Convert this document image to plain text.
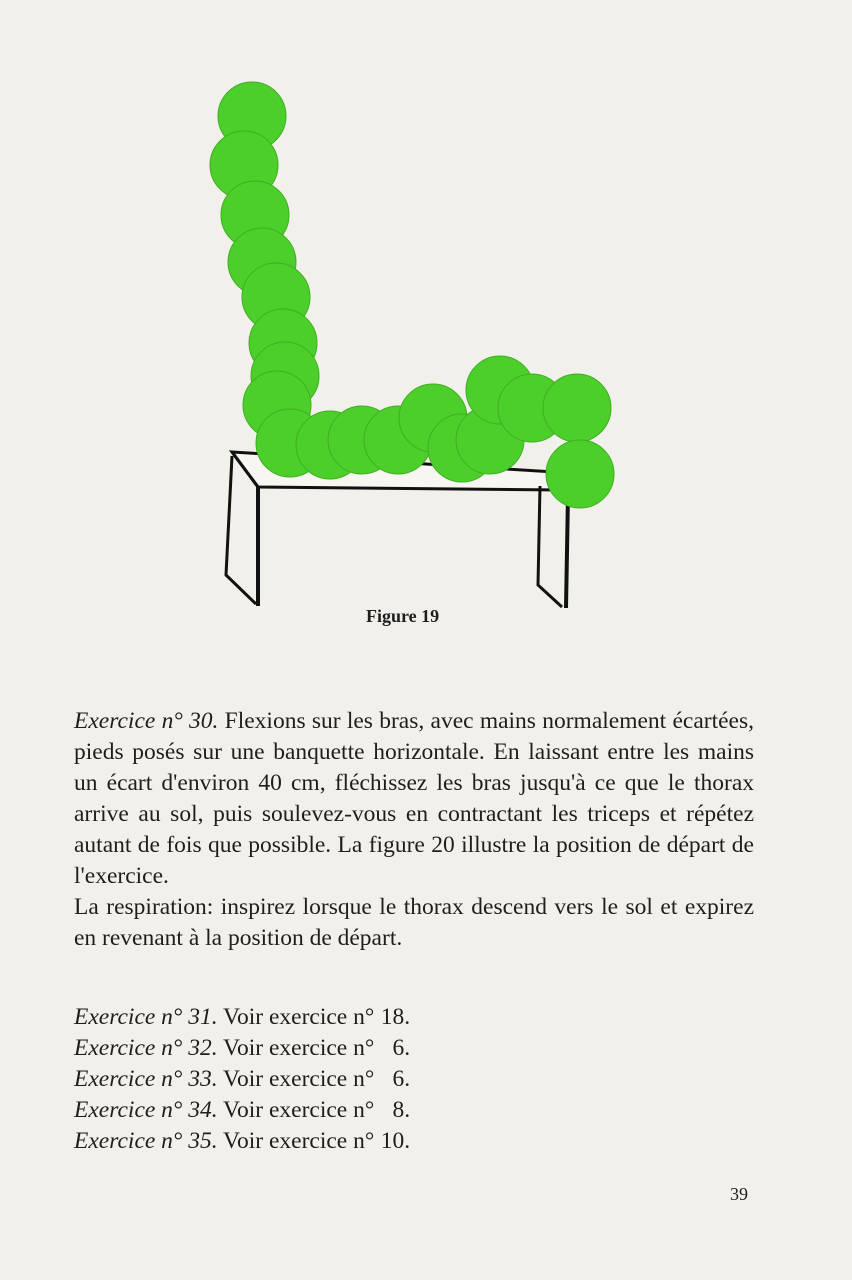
Figure 19

Exercice n° 30. Flexions sur les bras, avec mains normalement écartées, pieds posés sur une banquette horizontale. En laissant entre les mains un écart d'environ 40 cm, fléchissez les bras jusqu'à ce que le thorax arrive au sol, puis soulevez-vous en contractant les triceps et répétez autant de fois que possible. La figure 20 illustre la position de départ de l'exercice.

La respiration: inspirez lorsque le thorax descend vers le sol et expirez en revenant à la position de départ.

Exercice n° 31. Voir exercice n° 18.
Exercice n° 32. Voir exercice n° 6.
Exercice n° 33. Voir exercice n° 6.
Exercice n° 34. Voir exercice n° 8.
Exercice n° 35. Voir exercice n° 10.
39
